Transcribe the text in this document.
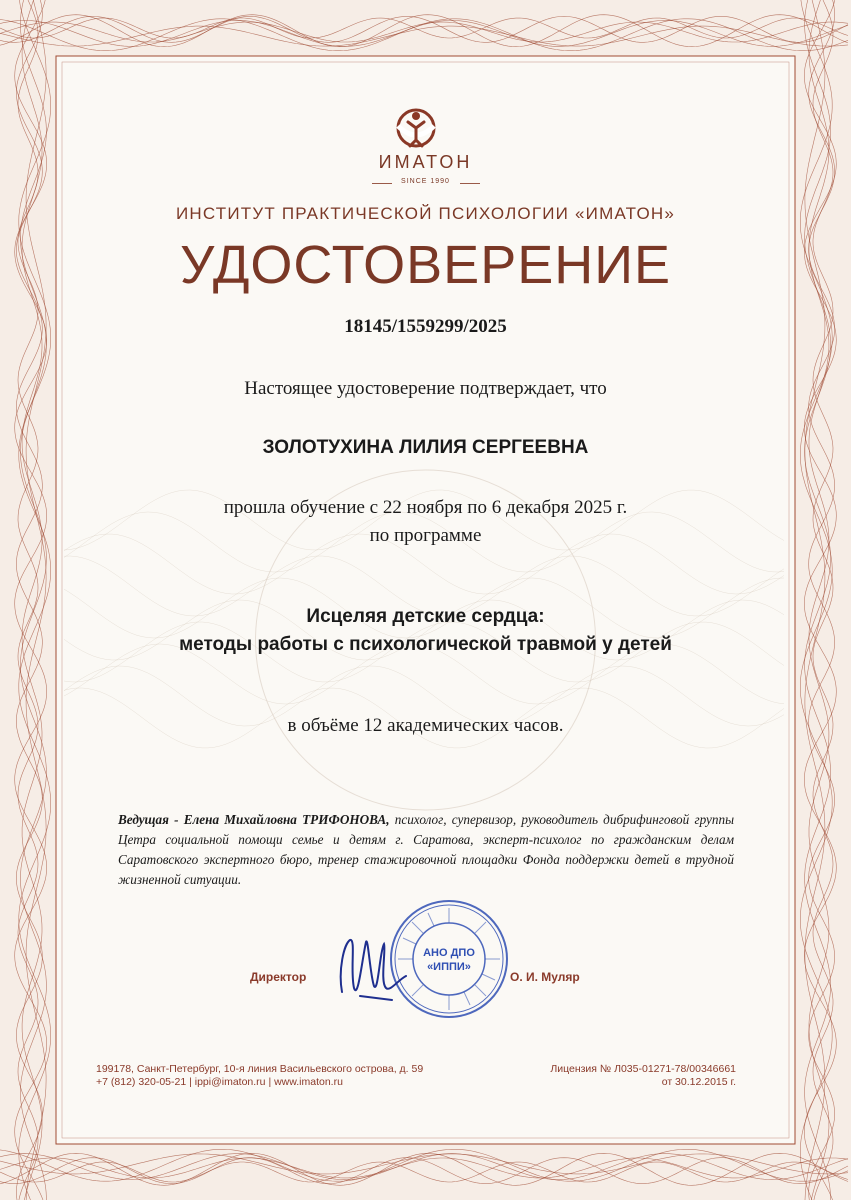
ИМАТОН

SINCE 1990

ИНСТИТУТ ПРАКТИЧЕСКОЙ ПСИХОЛОГИИ «ИМАТОН»

УДОСТОВЕРЕНИЕ

18145/1559299/2025

Настоящее удостоверение подтверждает, что

ЗОЛОТУХИНА ЛИЛИЯ СЕРГЕЕВНА

прошла обучение с 22 ноября по 6 декабря 2025 г.

по программе

Исцеляя детские сердца:

методы работы с психологической травмой у детей

в объёме 12 академических часов.

Ведущая - Елена Михайловна ТРИФОНОВА, психолог, супервизор, руководитель дибрифинговой группы Цетра социальной помощи семье и детям г. Саратова, эксперт-психолог по гражданским делам Саратовского экспертного бюро, тренер стажировочной площадки Фонда поддержки детей в трудной жизненной ситуации.

Директор

АНО ДПО
«ИППИ»

О. И. Муляр

199178, Санкт-Петербург, 10-я линия Васильевского острова, д. 59

+7 (812) 320-05-21 | ippi@imaton.ru | www.imaton.ru

Лицензия № Л035-01271-78/00346661

от 30.12.2015 г.
